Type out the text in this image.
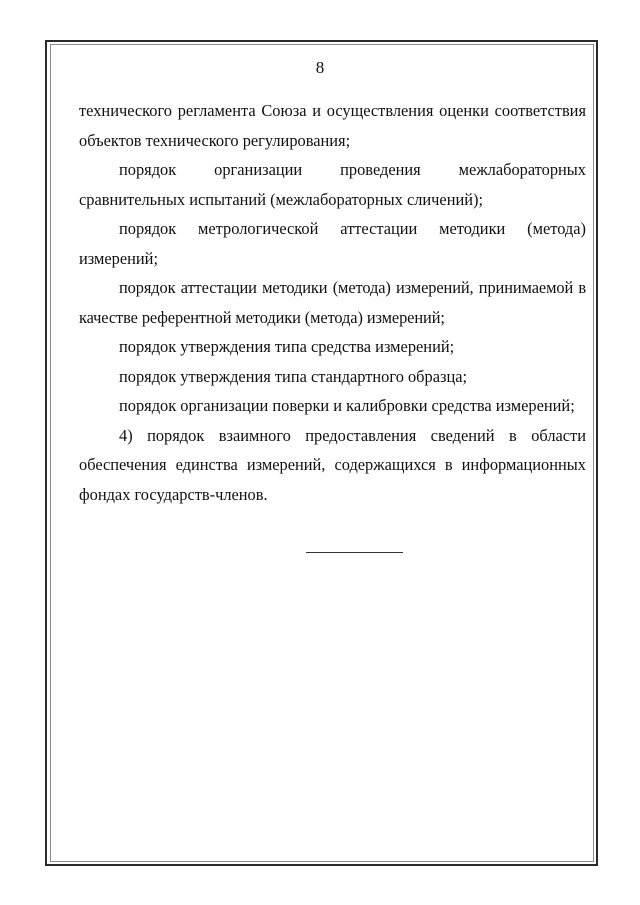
8

технического регламента Союза и осуществления оценки соответствия объектов технического регулирования;

порядок организации проведения межлабораторных сравнительных испытаний (межлабораторных сличений);

порядок метрологической аттестации методики (метода) измерений;

порядок аттестации методики (метода) измерений, принимаемой в качестве референтной методики (метода) измерений;

порядок утверждения типа средства измерений;

порядок утверждения типа стандартного образца;

порядок организации поверки и калибровки средства измерений;

4) порядок взаимного предоставления сведений в области обеспечения единства измерений, содержащихся в информационных фондах государств-членов.
